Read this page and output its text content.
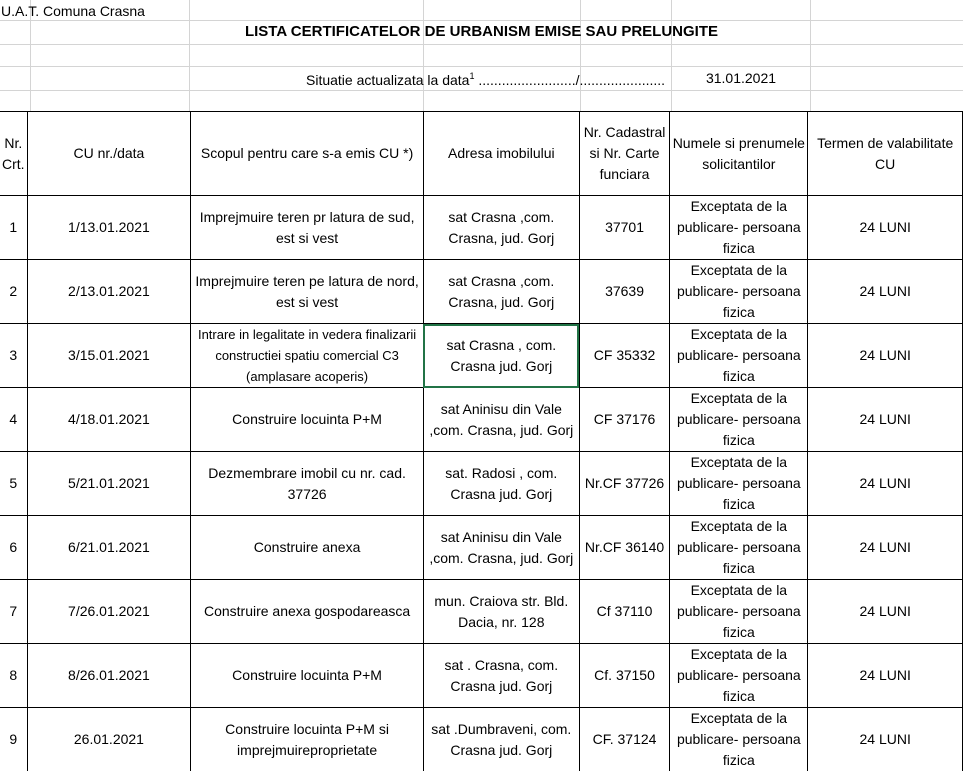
U.A.T. Comuna Crasna
LISTA CERTIFICATELOR DE URBANISM EMISE SAU PRELUNGITE
Situatie actualizata la data$^1$ ........................./......................	31.01.2021
Nr. Crt.	CU nr./data	Scopul pentru care s-a emis CU *)	Adresa imobilului	Nr. Cadastral si Nr. Carte funciara	Numele si prenumele solicitantilor	Termen de valabilitate CU
1	1/13.01.2021	Imprejmuire teren pr latura de sud, est si vest	sat Crasna ,com. Crasna, jud. Gorj	37701	Exceptata de la publicare- persoana fizica	24 LUNI
2	2/13.01.2021	Imprejmuire teren pe latura de nord, est si vest	sat Crasna ,com. Crasna, jud. Gorj	37639	Exceptata de la publicare- persoana fizica	24 LUNI
3	3/15.01.2021	Intrare in legalitate in vedera finalizarii constructiei spatiu comercial C3 (amplasare acoperis)	sat Crasna , com. Crasna jud. Gorj	CF 35332	Exceptata de la publicare- persoana fizica	24 LUNI
4	4/18.01.2021	Construire locuinta P+M	sat Aninisu din Vale ,com. Crasna, jud. Gorj	CF 37176	Exceptata de la publicare- persoana fizica	24 LUNI
5	5/21.01.2021	Dezmembrare imobil cu nr. cad. 37726	sat. Radosi , com. Crasna jud. Gorj	Nr.CF 37726	Exceptata de la publicare- persoana fizica	24 LUNI
6	6/21.01.2021	Construire anexa	sat Aninisu din Vale ,com. Crasna, jud. Gorj	Nr.CF 36140	Exceptata de la publicare- persoana fizica	24 LUNI
7	7/26.01.2021	Construire anexa gospodareasca	mun. Craiova str. Bld. Dacia, nr. 128	Cf 37110	Exceptata de la publicare- persoana fizica	24 LUNI
8	8/26.01.2021	Construire locuinta P+M	sat . Crasna, com. Crasna jud. Gorj	Cf. 37150	Exceptata de la publicare- persoana fizica	24 LUNI
9	26.01.2021	Construire locuinta P+M si imprejmuireproprietate	sat .Dumbraveni, com. Crasna jud. Gorj	CF. 37124	Exceptata de la publicare- persoana fizica	24 LUNI
